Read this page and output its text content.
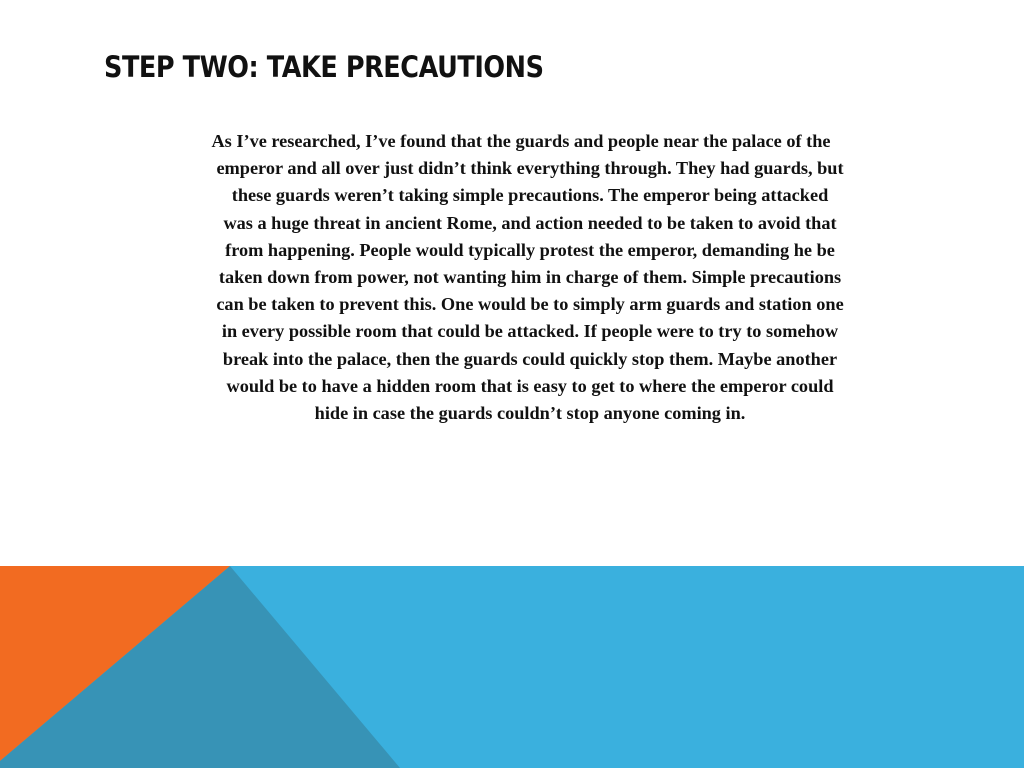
STEP TWO: TAKE PRECAUTIONS

As I’ve researched, I’ve found that the guards and people near the palace of the
emperor and all over just didn’t think everything through. They had guards, but
these guards weren’t taking simple precautions. The emperor being attacked
was a huge threat in ancient Rome, and action needed to be taken to avoid that
from happening. People would typically protest the emperor, demanding he be
taken down from power, not wanting him in charge of them. Simple precautions
can be taken to prevent this. One would be to simply arm guards and station one
in every possible room that could be attacked. If people were to try to somehow
break into the palace, then the guards could quickly stop them. Maybe another
would be to have a hidden room that is easy to get to where the emperor could
hide in case the guards couldn’t stop anyone coming in.
